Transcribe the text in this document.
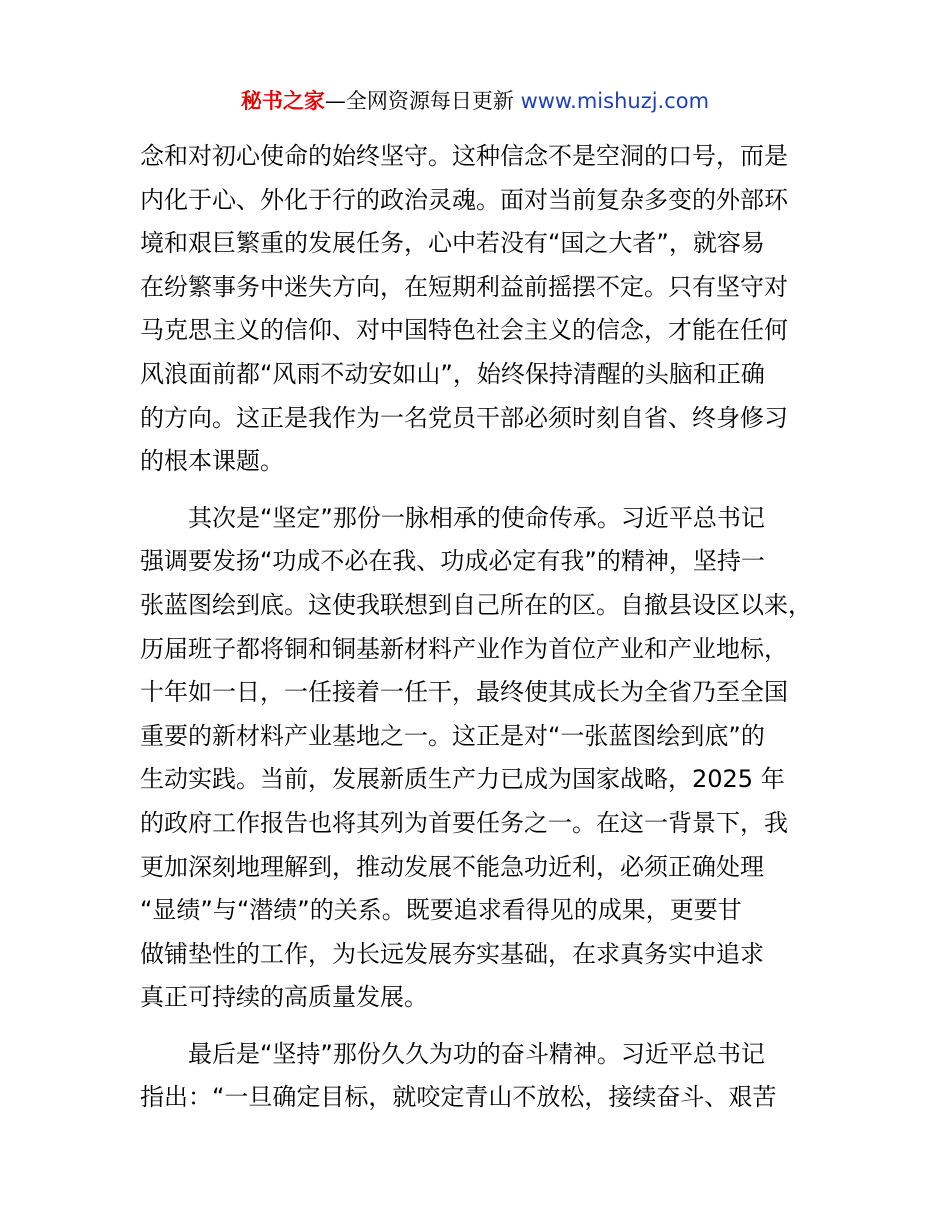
秘书之家—全网资源每日更新 www.mishuzj.com
念和对初心使命的始终坚守。这种信念不是空洞的口号，而是
内化于心、外化于行的政治灵魂。面对当前复杂多变的外部环
境和艰巨繁重的发展任务，心中若没有“国之大者”，就容易
在纷繁事务中迷失方向，在短期利益前摇摆不定。只有坚守对
马克思主义的信仰、对中国特色社会主义的信念，才能在任何
风浪面前都“风雨不动安如山”，始终保持清醒的头脑和正确
的方向。这正是我作为一名党员干部必须时刻自省、终身修习
的根本课题。
其次是“坚定”那份一脉相承的使命传承。习近平总书记
强调要发扬“功成不必在我、功成必定有我”的精神，坚持一
张蓝图绘到底。这使我联想到自己所在的区。自撤县设区以来，
历届班子都将铜和铜基新材料产业作为首位产业和产业地标，
十年如一日，一任接着一任干，最终使其成长为全省乃至全国
重要的新材料产业基地之一。这正是对“一张蓝图绘到底”的
生动实践。当前，发展新质生产力已成为国家战略，2025 年
的政府工作报告也将其列为首要任务之一。在这一背景下，我
更加深刻地理解到，推动发展不能急功近利，必须正确处理
“显绩”与“潜绩”的关系。既要追求看得见的成果，更要甘
做铺垫性的工作，为长远发展夯实基础，在求真务实中追求
真正可持续的高质量发展。
最后是“坚持”那份久久为功的奋斗精神。习近平总书记
指出：“一旦确定目标，就咬定青山不放松，接续奋斗、艰苦
